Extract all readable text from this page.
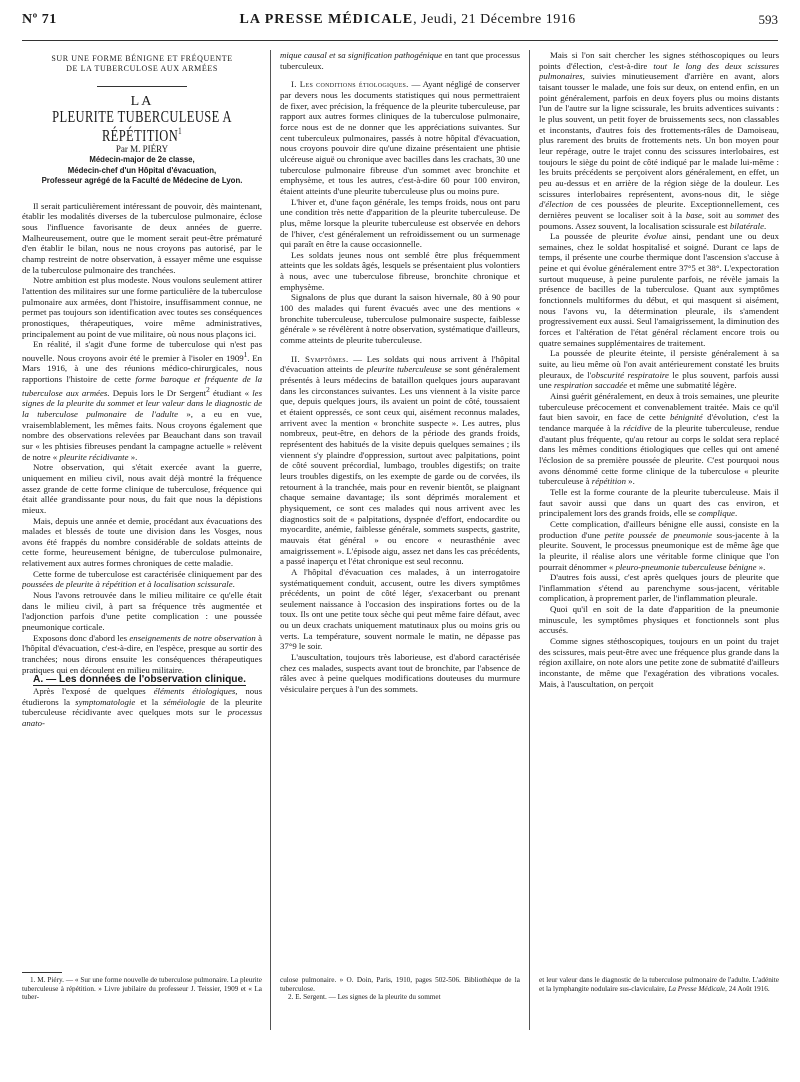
Nº 71	LA PRESSE MÉDICALE, Jeudi, 21 Décembre 1916	593
SUR UNE FORME BÉNIGNE ET FRÉQUENTE
DE LA TUBERCULOSE AUX ARMÉES
LA
PLEURITE TUBERCULEUSE A RÉPÉTITION$^1$
Par M. PIÉRY
Médecin-major de 2e classe,
Médecin-chef d'un Hôpital d'évacuation,
Professeur agrégé de la Faculté de Médecine de Lyon.

Il serait particulièrement intéressant de pouvoir, dès maintenant, établir les modalités diverses de la tuberculose pulmonaire, éclose sous l'influence favorisante de deux années de guerre. Malheureusement, outre que le moment serait peut-être prématuré d'en établir le bilan, nous ne nous croyons pas autorisé, par le champ restreint de notre observation, à essayer même une esquisse de la tuberculose pulmonaire des tranchées.

Notre ambition est plus modeste. Nous voulons seulement attirer l'attention des militaires sur une forme particulière de la tuberculose pulmonaire aux armées, dont l'histoire, insuffisamment connue, ne permet pas toujours son identification avec toutes ses conséquences pronostiques, thérapeutiques, voire même administratives, principalement au point de vue militaire, où nous nous plaçons ici.

En réalité, il s'agit d'une forme de tuberculose qui n'est pas nouvelle. Nous croyons avoir été le premier à l'isoler en 1909$^1$. En Mars 1916, à une des réunions médico-chirurgicales, nous rapportions l'histoire de cette forme baroque et fréquente de la tuberculose aux armées. Depuis lors le Dr Sergent$^2$ étudiant « les signes de la pleurite du sommet et leur valeur dans le diagnostic de la tuberculose pulmonaire de l'adulte », a eu en vue, vraisemblablement, les mêmes faits. Nous croyons également que nombre des observations relevées par Beauchant dans son travail sur « les phtisies fibreuses pendant la campagne actuelle » relèvent de notre « pleurite récidivante ».

Notre observation, qui s'était exercée avant la guerre, uniquement en milieu civil, nous avait déjà montré la fréquence assez grande de cette forme clinique de tuberculose, fréquence qui était allée grandissante pour nous, du fait que nous la dépistions mieux.

Mais, depuis une année et demie, procédant aux évacuations des malades et blessés de toute une division dans les Vosges, nous avons été frappés du nombre considérable de soldats atteints de cette forme, heureusement bénigne, de tuberculose pulmonaire, relativement aux autres formes chroniques de cette maladie.

Cette forme de tuberculose est caractérisée cliniquement par des poussées de pleurite à répétition et à localisation scissurale.

Nous l'avons retrouvée dans le milieu militaire ce qu'elle était dans le milieu civil, à part sa fréquence très augmentée et l'adjonction parfois d'une petite complication : une poussée pneumonique corticale.

Exposons donc d'abord les enseignements de notre observation à l'hôpital d'évacuation, c'est-à-dire, en l'espèce, presque au sortir des tranchées; nous dirons ensuite les conséquences thérapeutiques pratiques qui en découlent en milieu militaire.

A. — Les données de l'observation clinique.

Après l'exposé de quelques éléments étiologiques, nous étudierons la symptomatologie et la séméiologie de la pleurite tuberculeuse récidivante avec quelques mots sur le processus anato-

mique causal et sa signification pathogénique en tant que processus tuberculeux.

I. Les conditions étiologiques. — Ayant négligé de conserver par devers nous les documents statistiques qui nous permettraient de fixer, avec précision, la fréquence de la pleurite tuberculeuse, par rapport aux autres formes cliniques de la tuberculose pulmonaire, force nous est de ne donner que les appréciations suivantes. Sur cent tuberculeux pulmonaires, passés à notre hôpital d'évacuation, nous croyons pouvoir dire qu'une dizaine présentaient une phtisie ulcéreuse aiguë ou chronique avec bacilles dans les crachats, 30 une tuberculose pulmonaire fibreuse d'un sommet avec bronchite et emphysème, et tous les autres, c'est-à-dire 60 pour 100 environ, étaient atteints d'une pleurite tuberculeuse plus ou moins pure.

L'hiver et, d'une façon générale, les temps froids, nous ont paru une condition très nette d'apparition de la pleurite tuberculeuse. De plus, même lorsque la pleurite tuberculeuse est observée en dehors de l'hiver, c'est généralement un refroidissement ou un surmenage qui paraît en être la cause occasionnelle.

Les soldats jeunes nous ont semblé être plus fréquemment atteints que les soldats âgés, lesquels se présentaient plus volontiers à nous, avec une tuberculose fibreuse, bronchite chronique et emphysème.

Signalons de plus que durant la saison hivernale, 80 à 90 pour 100 des malades qui furent évacués avec une des mentions « bronchite tuberculeuse, tuberculose pulmonaire suspecte, faiblesse générale » se révélèrent à notre observation, systématique d'ailleurs, comme atteints de pleurite tuberculeuse.

II. Symptômes. — Les soldats qui nous arrivent à l'hôpital d'évacuation atteints de pleurite tuberculeuse se sont généralement présentés à leurs médecins de bataillon quelques jours auparavant dans les circonstances suivantes. Les uns viennent à la visite parce que, depuis quelques jours, ils avaient un point de côté, toussaient et étaient oppressés, ce sont ceux qui, aisément reconnus malades, arrivent avec la mention « bronchite suspecte ». Les autres, plus nombreux, peut-être, en dehors de la période des grands froids, représentent des habitués de la visite depuis quelques semaines ; ils viennent s'y plaindre d'oppression, surtout avec palpitations, point de côté souvent précordial, lumbago, troubles digestifs; on traite leurs troubles digestifs, on les exempte de garde ou de corvées, ils retournent à la tranchée, mais pour en revenir bientôt, se plaignant chaque semaine davantage; ils sont déprimés moralement et physiquement, ce sont ces malades qui nous arrivent avec les diagnostics soit de « palpitations, dyspnée d'effort, endocardite ou myocardite, anémie, faiblesse générale, sommets suspects, gastrite, mauvais état général » ou encore « neurasthénie avec amaigrissement ». L'épisode aigu, assez net dans les cas précédents, a passé inaperçu et l'état chronique est seul reconnu.

A l'hôpital d'évacuation ces malades, à un interrogatoire systématiquement conduit, accusent, outre les divers symptômes précédents, un point de côté léger, s'exacerbant ou prenant seulement naissance à l'occasion des inspirations fortes ou de la toux. Ils ont une petite toux sèche qui peut même faire défaut, avec ou un deux crachats uniquement matutinaux plus ou moins gris ou verts. La température, souvent normale le matin, ne dépasse pas 37°9 le soir.

L'auscultation, toujours très laborieuse, est d'abord caractérisée chez ces malades, suspects avant tout de bronchite, par l'absence de râles avec à peine quelques modifications douteuses du murmure vésiculaire perçues à l'un des sommets.

Mais si l'on sait chercher les signes stéthoscopiques ou leurs points d'élection, c'est-à-dire tout le long des deux scissures pulmonaires, suivies minutieusement d'arrière en avant, alors taisant tousser le malade, une fois sur deux, on entend enfin, en un point généralement, parfois en deux foyers plus ou moins distants l'un de l'autre sur la ligne scissurale, les bruits adventices suivants : le plus souvent, un petit foyer de bruissements secs, non classables et inconstants, d'autres fois des frottements-râles de Damoiseau, plus rarement des bruits de frottements nets. Un bon moyen pour leur repérage, outre le trajet connu des scissures interlobaires, est toujours le siège du point de côté indiqué par le malade lui-même : les bruits précédents se perçoivent alors généralement, en effet, un peu au-dessus et en arrière de la région siège de la douleur. Les scissures interlobaires représentent, avons-nous dit, le siège d'élection de ces poussées de pleurite. Exceptionnellement, ces dernières peuvent se localiser soit à la base, soit au sommet des poumons. Assez souvent, la localisation scissurale est bilatérale.

La poussée de pleurite évolue ainsi, pendant une ou deux semaines, chez le soldat hospitalisé et soigné. Durant ce laps de temps, il présente une courbe thermique dont l'ascension s'accuse à peine et qui évolue généralement entre 37°5 et 38°. L'expectoration surtout muqueuse, à peine purulente parfois, ne révèle jamais la présence de bacilles de la tuberculose. Quant aux symptômes fonctionnels multiformes du début, et qui masquent si aisément, nous l'avons vu, la détermination pleurale, ils s'amendent progressivement eux aussi. Seul l'amaigrissement, la diminution des forces et l'altération de l'état général réclament encore trois ou quatre semaines supplémentaires de traitement.

La poussée de pleurite éteinte, il persiste généralement à sa suite, au lieu même où l'on avait antérieurement constaté les bruits pleuraux, de l'obscurité respiratoire le plus souvent, parfois aussi une respiration saccadée et même une submatité légère.

Ainsi guérit généralement, en deux à trois semaines, une pleurite tuberculeuse précocement et convenablement traitée. Mais ce qu'il faut bien savoir, en face de cette bénignité d'évolution, c'est la tendance marquée à la récidive de la pleurite tuberculeuse, rendue d'autant plus fréquente, qu'au retour au corps le soldat sera replacé dans les mêmes conditions étiologiques que celles qui ont amené l'éclosion de sa première poussée de pleurite. C'est pourquoi nous avons dénommé cette forme clinique de la tuberculose « pleurite tuberculeuse à répétition ».

Telle est la forme courante de la pleurite tuberculeuse. Mais il faut savoir aussi que dans un quart des cas environ, et principalement lors des grands froids, elle se complique.

Cette complication, d'ailleurs bénigne elle aussi, consiste en la production d'une petite poussée de pneumonie sous-jacente à la pleurite. Souvent, le processus pneumonique est de même âge que la pleurite, il réalise alors une véritable forme clinique que l'on pourrait dénommer « pleuro-pneumonie tuberculeuse bénigne ».

D'autres fois aussi, c'est après quelques jours de pleurite que l'inflammation s'étend au parenchyme sous-jacent, véritable complication, à proprement parler, de l'inflammation pleurale.

Quoi qu'il en soit de la date d'apparition de la pneumonie minuscule, les symptômes physiques et fonctionnels sont plus accusés.

Comme signes stéthoscopiques, toujours en un point du trajet des scissures, mais peut-être avec une fréquence plus grande dans la région axillaire, on note alors une petite zone de submatité d'ailleurs inconstante, de même que l'exagération des vibrations vocales. Mais, à l'auscultation, on perçoit

1. M. Piéry. — « Sur une forme nouvelle de tuberculose pulmonaire. La pleurite tuberculeuse à répétition. » Livre jubilaire du professeur J. Teissier, 1909 et « La tuber-

culose pulmonaire. » O. Doin, Paris, 1910, pages 502-506. Bibliothèque de la tuberculose.

2. E. Sergent. — Les signes de la pleurite du sommet

et leur valeur dans le diagnostic de la tuberculose pulmonaire de l'adulte. L'adénite et la lymphangite nodulaire sus-claviculaire, La Presse Médicale, 24 Août 1916.
